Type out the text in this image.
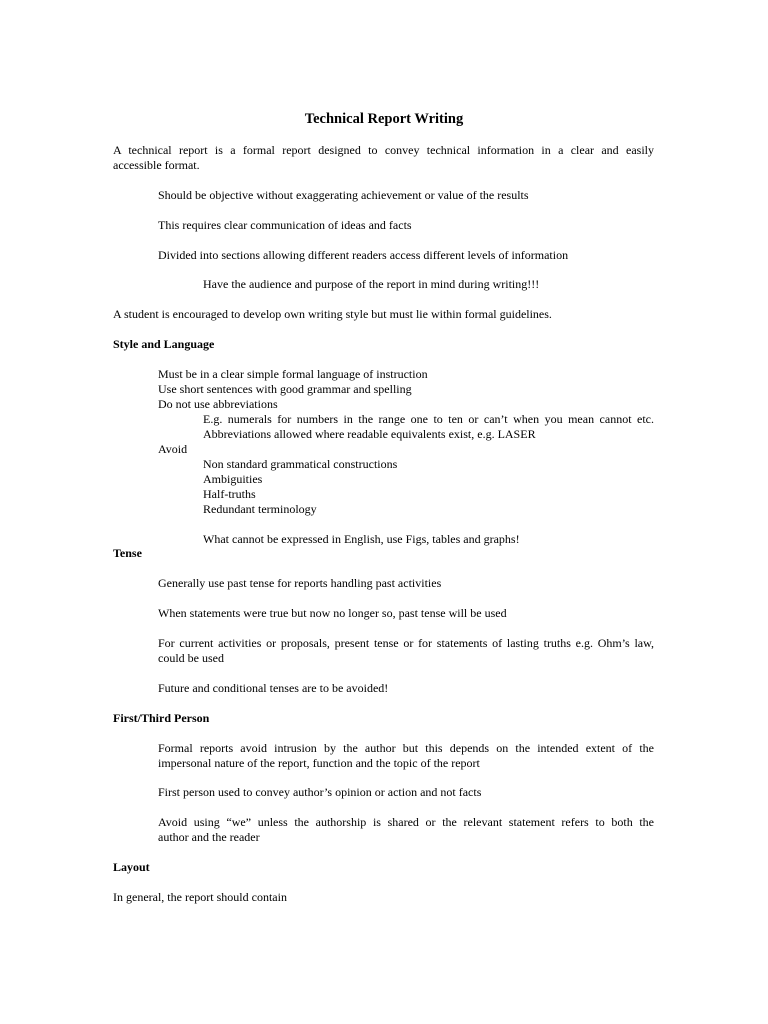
Technical Report Writing
A technical report is a formal report designed to convey technical information in a clear and easily
accessible format.
Should be objective without exaggerating achievement or value of the results
This requires clear communication of ideas and facts
Divided into sections allowing different readers access different levels of information
Have the audience and purpose of the report in mind during writing!!!
A student is encouraged to develop own writing style but must lie within formal guidelines.
Style and Language
Must be in a clear simple formal language of instruction
Use short sentences with good grammar and spelling
Do not use abbreviations
E.g. numerals for numbers in the range one to ten or can’t when you mean cannot etc.
Abbreviations allowed where readable equivalents exist, e.g. LASER
Avoid
Non standard grammatical constructions
Ambiguities
Half-truths
Redundant terminology
What cannot be expressed in English, use Figs, tables and graphs!
Tense
Generally use past tense for reports handling past activities
When statements were true but now no longer so, past tense will be used
For current activities or proposals, present tense or for statements of lasting truths e.g. Ohm’s law,
could be used
Future and conditional tenses are to be avoided!
First/Third Person
Formal reports avoid intrusion by the author but this depends on the intended extent of the
impersonal nature of the report, function and the topic of the report
First person used to convey author’s opinion or action and not facts
Avoid using “we” unless the authorship is shared or the relevant statement refers to both the
author and the reader
Layout
In general, the report should contain
